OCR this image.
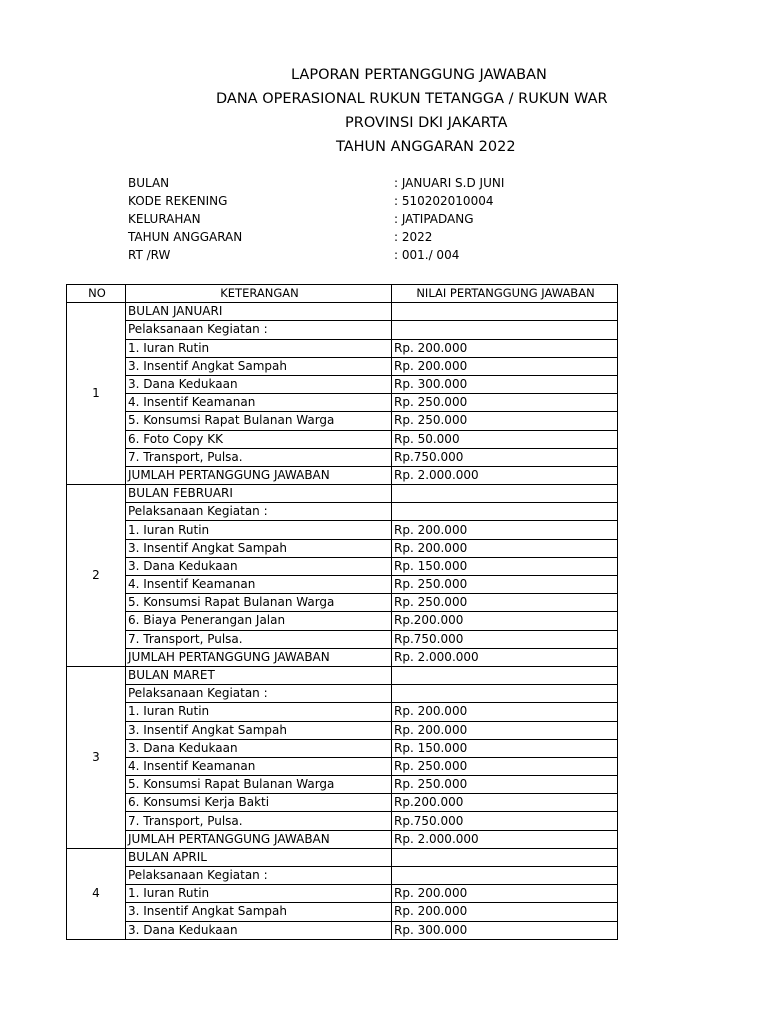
LAPORAN PERTANGGUNG JAWABAN
DANA OPERASIONAL RUKUN TETANGGA / RUKUN WAR
PROVINSI DKI JAKARTA
TAHUN ANGGARAN 2022
BULAN	: JANUARI S.D JUNI
KODE REKENING	: 510202010004
KELURAHAN	: JATIPADANG
TAHUN ANGGARAN	: 2022
RT /RW	: 001./ 004
NO	KETERANGAN	NILAI PERTANGGUNG JAWABAN
1	BULAN JANUARI	
	Pelaksanaan Kegiatan :	
	1. Iuran Rutin	Rp. 200.000
	3. Insentif Angkat Sampah	Rp. 200.000
	3. Dana Kedukaan	Rp. 300.000
	4. Insentif Keamanan	Rp. 250.000
	5. Konsumsi Rapat Bulanan Warga	Rp. 250.000
	6. Foto Copy KK	Rp. 50.000
	7. Transport, Pulsa.	Rp.750.000
	JUMLAH PERTANGGUNG JAWABAN	Rp. 2.000.000
2	BULAN FEBRUARI	
	Pelaksanaan Kegiatan :	
	1. Iuran Rutin	Rp. 200.000
	3. Insentif Angkat Sampah	Rp. 200.000
	3. Dana Kedukaan	Rp. 150.000
	4. Insentif Keamanan	Rp. 250.000
	5. Konsumsi Rapat Bulanan Warga	Rp. 250.000
	6. Biaya Penerangan Jalan	Rp.200.000
	7. Transport, Pulsa.	Rp.750.000
	JUMLAH PERTANGGUNG JAWABAN	Rp. 2.000.000
3	BULAN MARET	
	Pelaksanaan Kegiatan :	
	1. Iuran Rutin	Rp. 200.000
	3. Insentif Angkat Sampah	Rp. 200.000
	3. Dana Kedukaan	Rp. 150.000
	4. Insentif Keamanan	Rp. 250.000
	5. Konsumsi Rapat Bulanan Warga	Rp. 250.000
	6. Konsumsi Kerja Bakti	Rp.200.000
	7. Transport, Pulsa.	Rp.750.000
	JUMLAH PERTANGGUNG JAWABAN	Rp. 2.000.000
4	BULAN APRIL	
	Pelaksanaan Kegiatan :	
	1. Iuran Rutin	Rp. 200.000
	3. Insentif Angkat Sampah	Rp. 200.000
	3. Dana Kedukaan	Rp. 300.000
